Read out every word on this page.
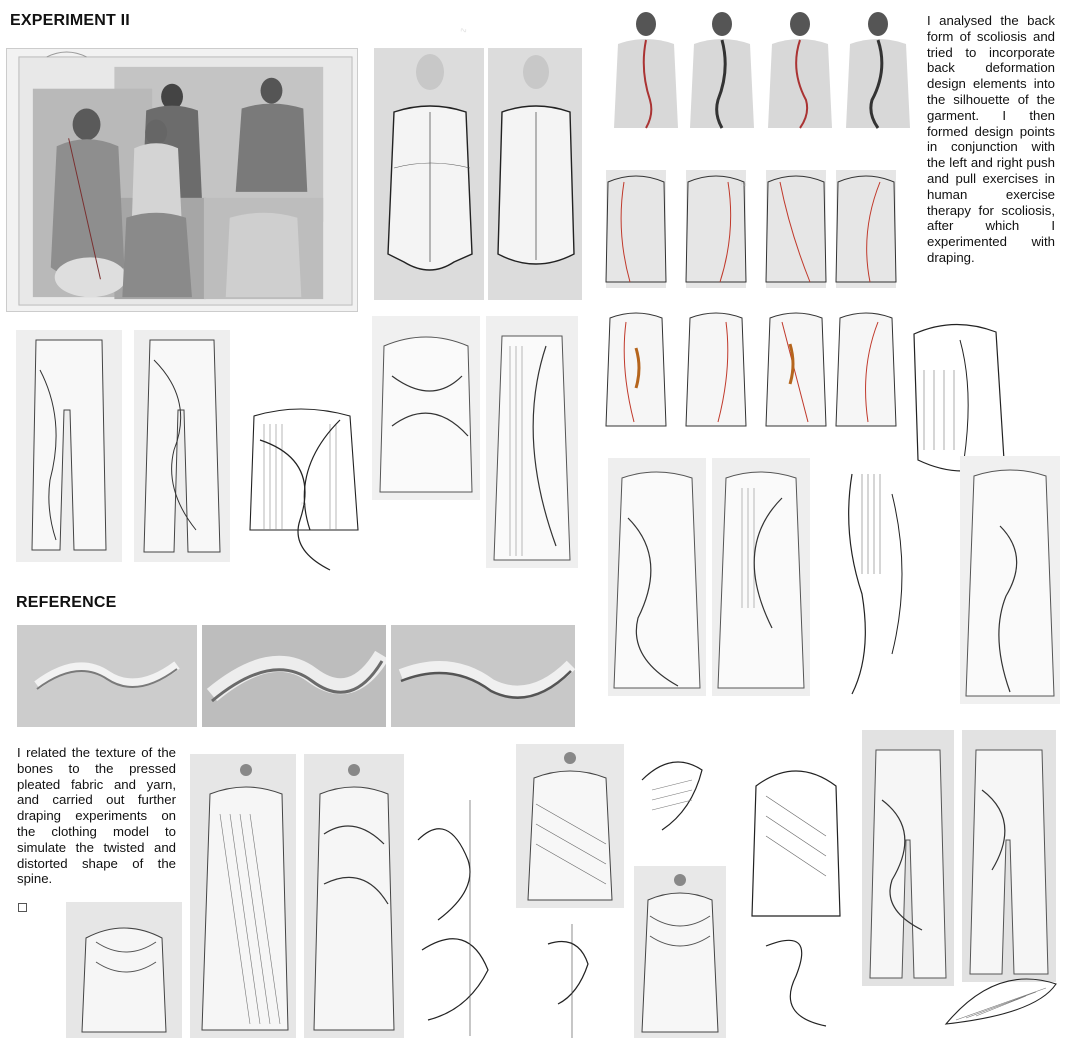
EXPERIMENT II
REFERENCE
I analysed the back form of scoliosis and tried to incorporate back deformation design elements into the silhouette of the garment. I then formed design points in conjunction with the left and right push and pull exercises in human exercise therapy for scoliosis, after which I experimented with draping.
I related the texture of the bones to the pressed pleated fabric and yarn, and carried out further draping experiments on the clothing model to simulate the twisted and distorted shape of the spine.
∿
∿
∿
